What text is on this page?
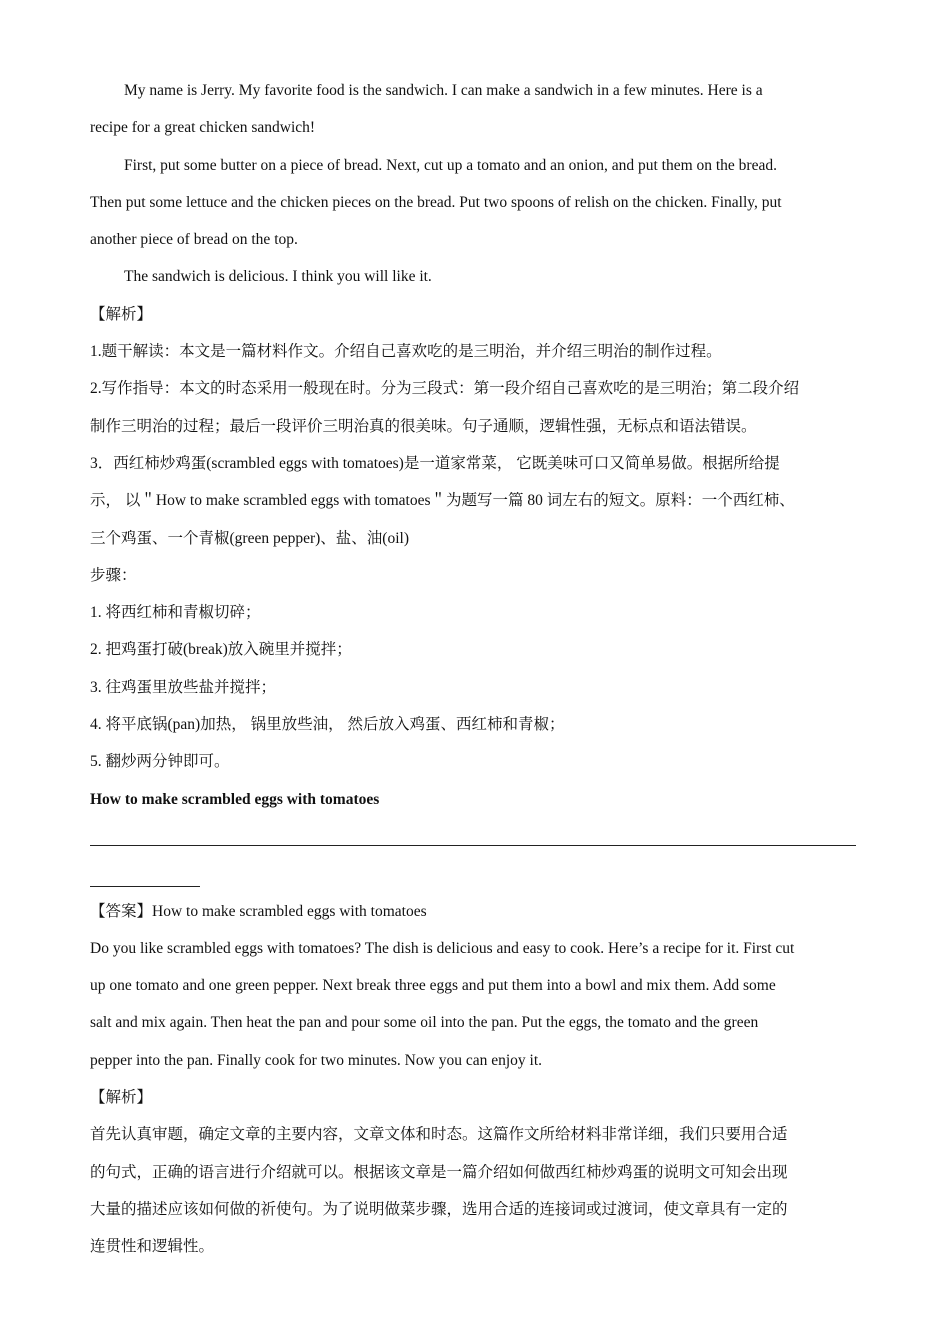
My name is Jerry. My favorite food is the sandwich. I can make a sandwich in a few minutes. Here is a
recipe for a great chicken sandwich!
First, put some butter on a piece of bread. Next, cut up a tomato and an onion, and put them on the bread.
Then put some lettuce and the chicken pieces on the bread. Put two spoons of relish on the chicken. Finally, put
another piece of bread on the top.
The sandwich is delicious. I think you will like it.
【解析】
1.题干解读：本文是一篇材料作文。介绍自己喜欢吃的是三明治，并介绍三明治的制作过程。
2.写作指导：本文的时态采用一般现在时。分为三段式：第一段介绍自己喜欢吃的是三明治；第二段介绍
制作三明治的过程；最后一段评价三明治真的很美味。句子通顺，逻辑性强，无标点和语法错误。
3．西红柿炒鸡蛋(scrambled eggs with tomatoes)是一道家常菜， 它既美味可口又简单易做。根据所给提
示， 以＂How to make scrambled eggs with tomatoes＂为题写一篇 80 词左右的短文。原料：一个西红柿、
三个鸡蛋、一个青椒(green pepper)、盐、油(oil)
步骤：
1. 将西红柿和青椒切碎；
2. 把鸡蛋打破(break)放入碗里并搅拌；
3. 往鸡蛋里放些盐并搅拌；
4. 将平底锅(pan)加热， 锅里放些油， 然后放入鸡蛋、西红柿和青椒；
5. 翻炒两分钟即可。
How to make scrambled eggs with tomatoes
【答案】How to make scrambled eggs with tomatoes
Do you like scrambled eggs with tomatoes? The dish is delicious and easy to cook. Here’s a recipe for it. First cut
up one tomato and one green pepper. Next break three eggs and put them into a bowl and mix them. Add some
salt and mix again. Then heat the pan and pour some oil into the pan. Put the eggs, the tomato and the green
pepper into the pan. Finally cook for two minutes. Now you can enjoy it.
【解析】
首先认真审题，确定文章的主要内容，文章文体和时态。这篇作文所给材料非常详细，我们只要用合适
的句式，正确的语言进行介绍就可以。根据该文章是一篇介绍如何做西红柿炒鸡蛋的说明文可知会出现
大量的描述应该如何做的祈使句。为了说明做菜步骤，选用合适的连接词或过渡词，使文章具有一定的
连贯性和逻辑性。
